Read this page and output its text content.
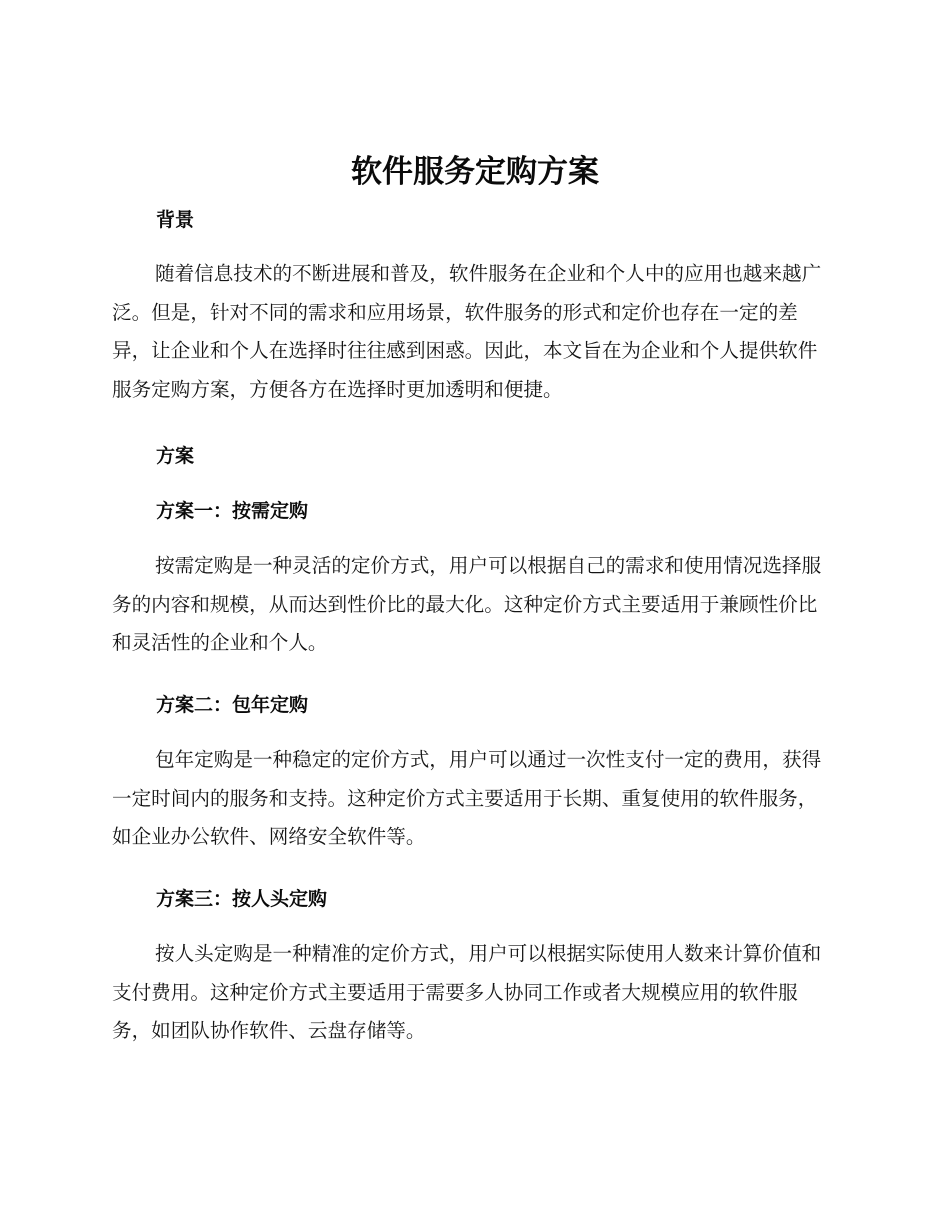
软件服务定购方案
背景
随着信息技术的不断进展和普及，软件服务在企业和个人中的应用也越来越广泛。但是，针对不同的需求和应用场景，软件服务的形式和定价也存在一定的差异，让企业和个人在选择时往往感到困惑。因此，本文旨在为企业和个人提供软件服务定购方案，方便各方在选择时更加透明和便捷。
方案
方案一：按需定购
按需定购是一种灵活的定价方式，用户可以根据自己的需求和使用情况选择服务的内容和规模，从而达到性价比的最大化。这种定价方式主要适用于兼顾性价比和灵活性的企业和个人。
方案二：包年定购
包年定购是一种稳定的定价方式，用户可以通过一次性支付一定的费用，获得一定时间内的服务和支持。这种定价方式主要适用于长期、重复使用的软件服务，如企业办公软件、网络安全软件等。
方案三：按人头定购
按人头定购是一种精准的定价方式，用户可以根据实际使用人数来计算价值和支付费用。这种定价方式主要适用于需要多人协同工作或者大规模应用的软件服务，如团队协作软件、云盘存储等。
